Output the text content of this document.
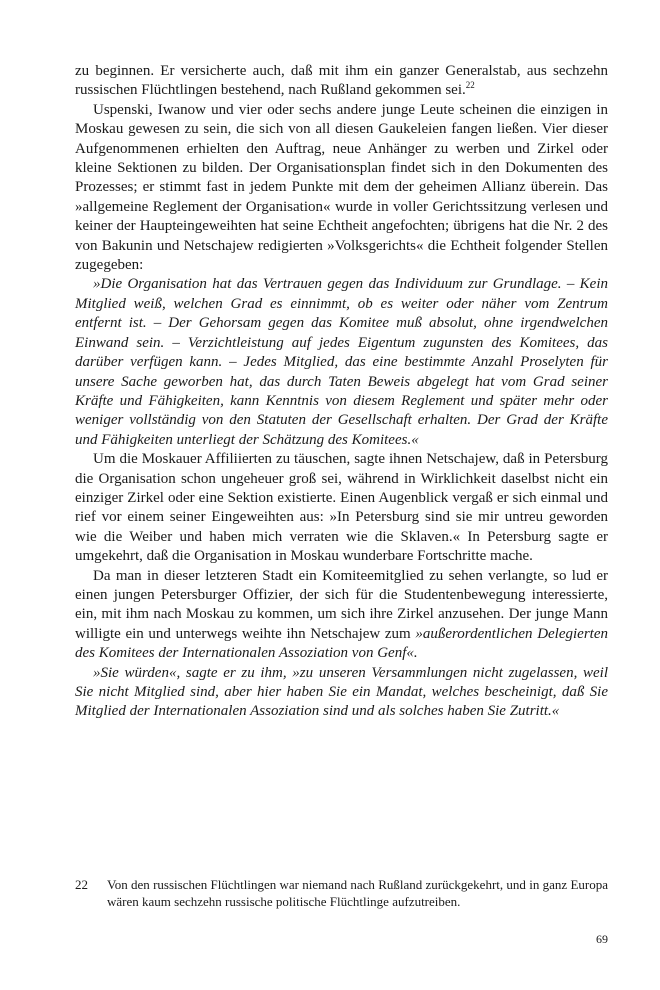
zu beginnen. Er versicherte auch, daß mit ihm ein ganzer Generalstab, aus sechzehn russischen Flüchtlingen bestehend, nach Rußland gekommen sei.$^{22}$

Uspenski, Iwanow und vier oder sechs andere junge Leute scheinen die einzigen in Moskau gewesen zu sein, die sich von all diesen Gaukeleien fangen ließen. Vier dieser Aufgenommenen erhielten den Auftrag, neue Anhänger zu werben und Zirkel oder kleine Sektionen zu bilden. Der Organisationsplan findet sich in den Dokumenten des Prozesses; er stimmt fast in jedem Punkte mit dem der geheimen Allianz überein. Das »allgemeine Reglement der Organisation« wurde in voller Gerichtssitzung verlesen und keiner der Haupteingeweihten hat seine Echtheit angefochten; übrigens hat die Nr. 2 des von Bakunin und Netschajew redigierten »Volksgerichts« die Echtheit folgender Stellen zugegeben:

»Die Organisation hat das Vertrauen gegen das Individuum zur Grundlage. – Kein Mitglied weiß, welchen Grad es einnimmt, ob es weiter oder näher vom Zentrum entfernt ist. – Der Gehorsam gegen das Komitee muß absolut, ohne irgendwelchen Einwand sein. – Verzichtleistung auf jedes Eigentum zugunsten des Komitees, das darüber verfügen kann. – Jedes Mitglied, das eine bestimmte Anzahl Proselyten für unsere Sache geworben hat, das durch Taten Beweis abgelegt hat vom Grad seiner Kräfte und Fähigkeiten, kann Kenntnis von diesem Reglement und später mehr oder weniger vollständig von den Statuten der Gesellschaft erhalten. Der Grad der Kräfte und Fähigkeiten unterliegt der Schätzung des Komitees.«

Um die Moskauer Affiliierten zu täuschen, sagte ihnen Netschajew, daß in Petersburg die Organisation schon ungeheuer groß sei, während in Wirklichkeit daselbst nicht ein einziger Zirkel oder eine Sektion existierte. Einen Augenblick vergaß er sich einmal und rief vor einem seiner Eingeweihten aus: »In Petersburg sind sie mir untreu geworden wie die Weiber und haben mich verraten wie die Sklaven.« In Petersburg sagte er umgekehrt, daß die Organisation in Moskau wunderbare Fortschritte mache.

Da man in dieser letzteren Stadt ein Komiteemitglied zu sehen verlangte, so lud er einen jungen Petersburger Offizier, der sich für die Studentenbewegung interessierte, ein, mit ihm nach Moskau zu kommen, um sich ihre Zirkel anzusehen. Der junge Mann willigte ein und unterwegs weihte ihn Netschajew zum »außerordentlichen Delegierten des Komitees der Internationalen Assoziation von Genf«.

»Sie würden«, sagte er zu ihm, »zu unseren Versammlungen nicht zugelassen, weil Sie nicht Mitglied sind, aber hier haben Sie ein Mandat, welches bescheinigt, daß Sie Mitglied der Internationalen Assoziation sind und als solches haben Sie Zutritt.«

22	Von den russischen Flüchtlingen war niemand nach Rußland zurückgekehrt, und in ganz Europa wären kaum sechzehn russische politische Flüchtlinge aufzutreiben.
69
